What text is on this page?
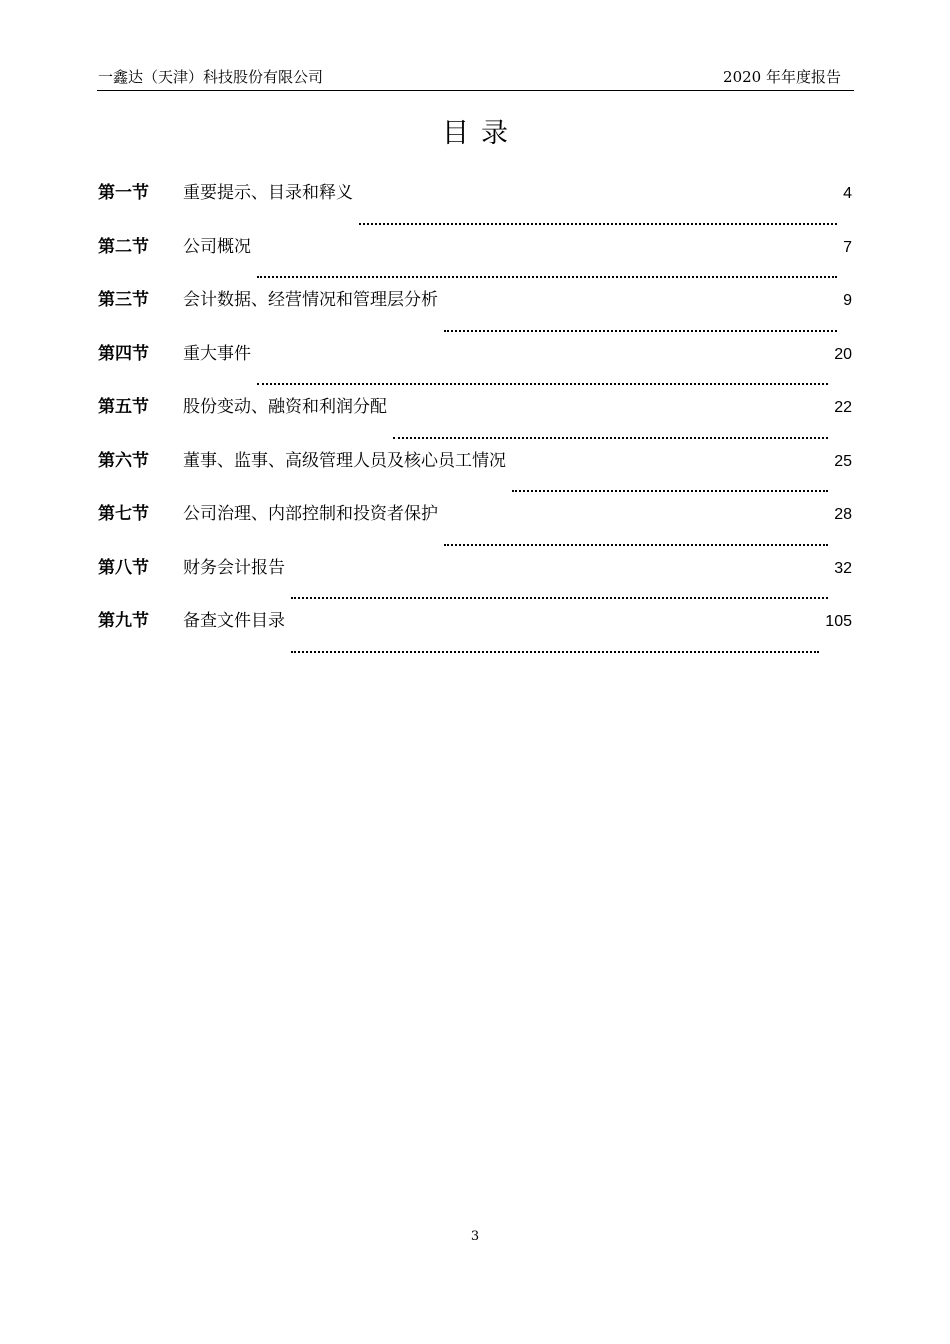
一鑫达（天津）科技股份有限公司	2020 年年度报告
目录
第一节	重要提示、目录和释义	4
第二节	公司概况	7
第三节	会计数据、经营情况和管理层分析	9
第四节	重大事件	20
第五节	股份变动、融资和利润分配	22
第六节	董事、监事、高级管理人员及核心员工情况	25
第七节	公司治理、内部控制和投资者保护	28
第八节	财务会计报告	32
第九节	备查文件目录	105
3
